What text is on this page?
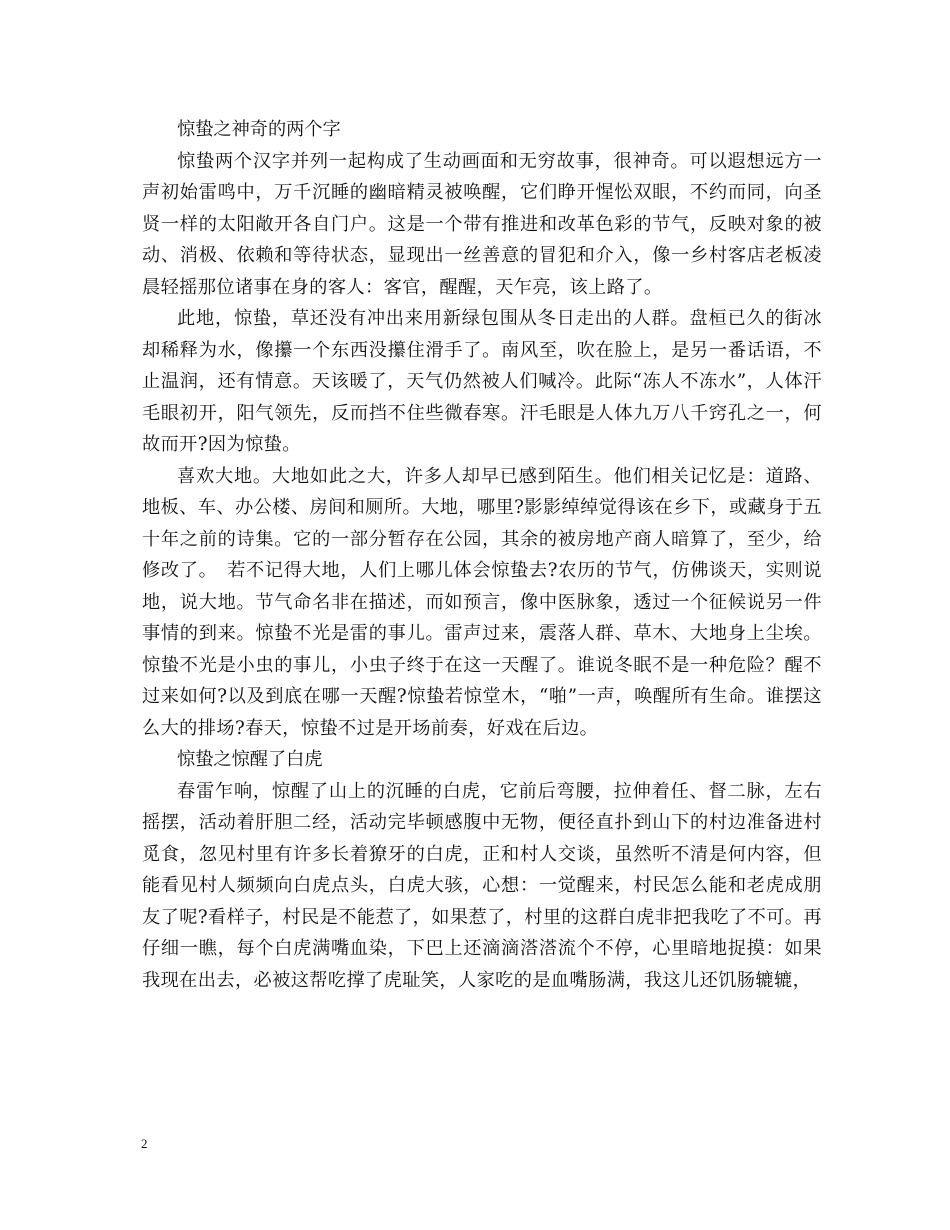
惊蛰之神奇的两个字

惊蛰两个汉字并列一起构成了生动画面和无穷故事，很神奇。可以遐想远方一声初始雷鸣中，万千沉睡的幽暗精灵被唤醒，它们睁开惺忪双眼，不约而同，向圣贤一样的太阳敞开各自门户。这是一个带有推进和改革色彩的节气，反映对象的被动、消极、依赖和等待状态，显现出一丝善意的冒犯和介入，像一乡村客店老板凌晨轻摇那位诸事在身的客人：客官，醒醒，天乍亮，该上路了。

此地，惊蛰，草还没有冲出来用新绿包围从冬日走出的人群。盘桓已久的街冰却稀释为水，像攥一个东西没攥住滑手了。南风至，吹在脸上，是另一番话语，不止温润，还有情意。天该暖了，天气仍然被人们喊冷。此际“冻人不冻水”，人体汗毛眼初开，阳气领先，反而挡不住些微春寒。汗毛眼是人体九万八千窍孔之一，何故而开?因为惊蛰。

喜欢大地。大地如此之大，许多人却早已感到陌生。他们相关记忆是：道路、地板、车、办公楼、房间和厕所。大地，哪里?影影绰绰觉得该在乡下，或藏身于五十年之前的诗集。它的一部分暂存在公园，其余的被房地产商人暗算了，至少，给修改了。　若不记得大地，人们上哪儿体会惊蛰去?农历的节气，仿佛谈天，实则说地，说大地。节气命名非在描述，而如预言，像中医脉象，透过一个征候说另一件事情的到来。惊蛰不光是雷的事儿。雷声过来，震落人群、草木、大地身上尘埃。惊蛰不光是小虫的事儿，小虫子终于在这一天醒了。谁说冬眠不是一种危险？醒不过来如何?以及到底在哪一天醒?惊蛰若惊堂木，“啪”一声，唤醒所有生命。谁摆这么大的排场?春天，惊蛰不过是开场前奏，好戏在后边。

惊蛰之惊醒了白虎

春雷乍响，惊醒了山上的沉睡的白虎，它前后弯腰，拉伸着任、督二脉，左右摇摆，活动着肝胆二经，活动完毕顿感腹中无物，便径直扑到山下的村边准备进村觅食，忽见村里有许多长着獠牙的白虎，正和村人交谈，虽然听不清是何内容，但能看见村人频频向白虎点头，白虎大骇，心想：一觉醒来，村民怎么能和老虎成朋友了呢?看样子，村民是不能惹了，如果惹了，村里的这群白虎非把我吃了不可。再仔细一瞧，每个白虎满嘴血染，下巴上还滴滴溚溚流个不停，心里暗地捉摸：如果我现在出去，必被这帮吃撑了虎耻笑，人家吃的是血嘴肠满，我这儿还饥肠辘辘，

2
